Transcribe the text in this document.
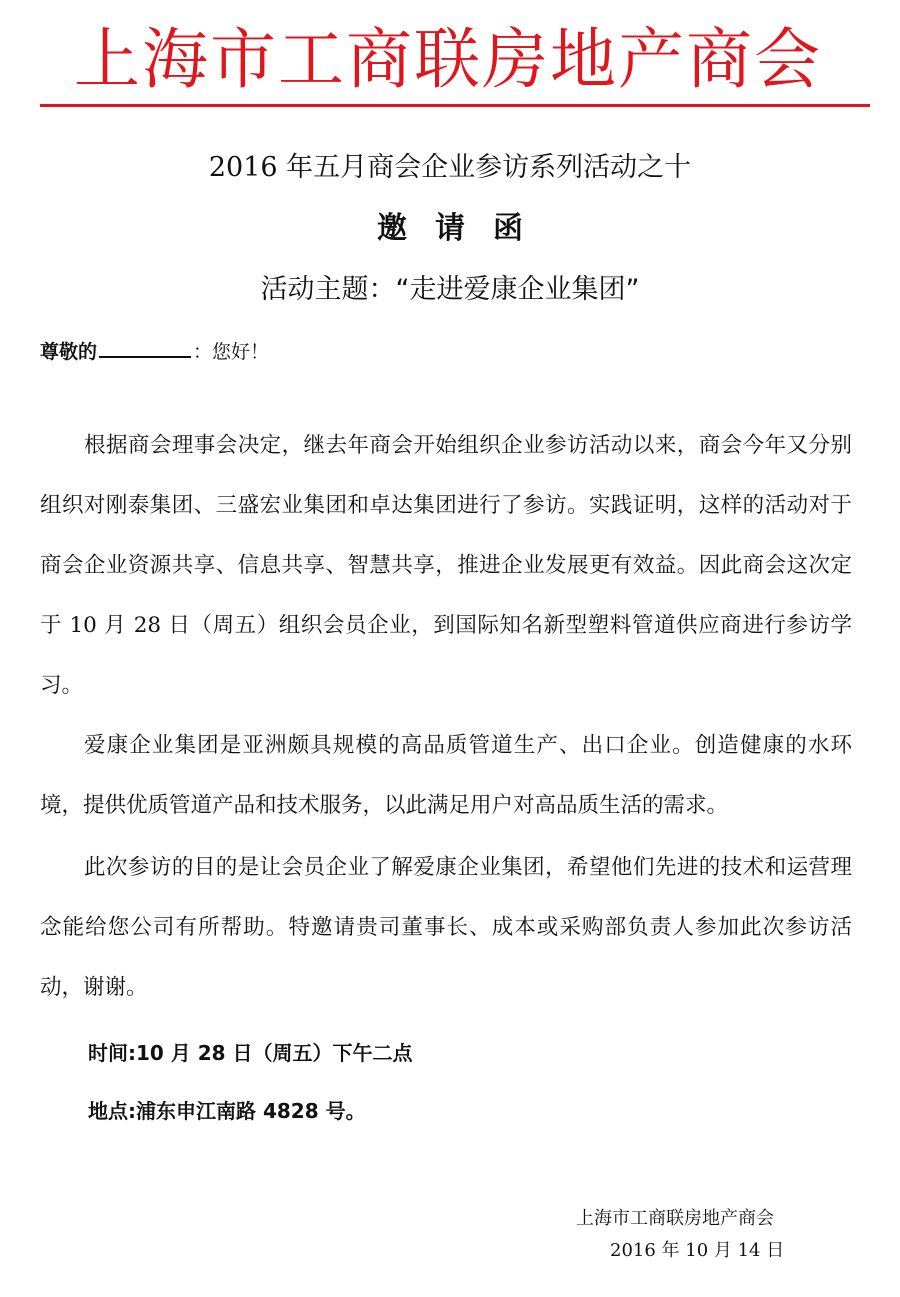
上海市工商联房地产商会
2016 年五月商会企业参访系列活动之十
邀请函
活动主题：“走进爱康企业集团”
尊敬的	：您好！

根据商会理事会决定，继去年商会开始组织企业参访活动以来，商会今年又分别组织对刚泰集团、三盛宏业集团和卓达集团进行了参访。实践证明，这样的活动对于商会企业资源共享、信息共享、智慧共享，推进企业发展更有效益。因此商会这次定于 10 月 28 日（周五）组织会员企业，到国际知名新型塑料管道供应商进行参访学习。

爱康企业集团是亚洲颇具规模的高品质管道生产、出口企业。创造健康的水环境，提供优质管道产品和技术服务，以此满足用户对高品质生活的需求。

此次参访的目的是让会员企业了解爱康企业集团，希望他们先进的技术和运营理念能给您公司有所帮助。特邀请贵司董事长、成本或采购部负责人参加此次参访活动，谢谢。

时间:10 月 28 日（周五）下午二点
地点:浦东申江南路 4828 号。
上海市工商联房地产商会
2016 年 10 月 14 日
